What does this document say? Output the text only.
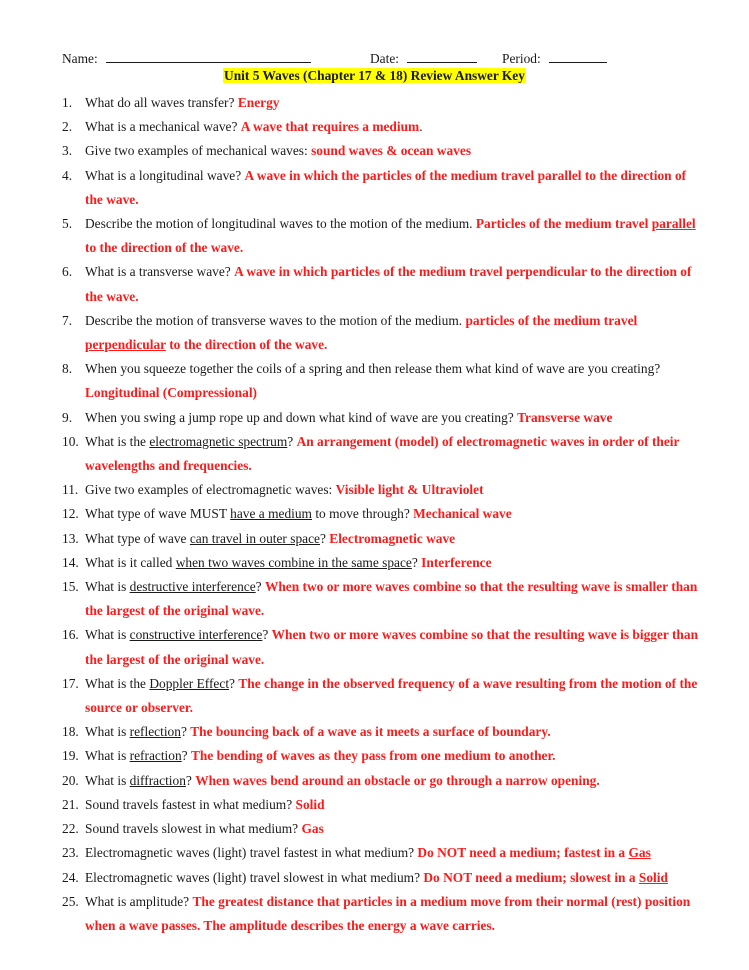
Name:	Date:	Period:
Unit 5 Waves (Chapter 17 & 18) Review Answer Key
1. What do all waves transfer? Energy
2. What is a mechanical wave? A wave that requires a medium.
3. Give two examples of mechanical waves: sound waves & ocean waves
4. What is a longitudinal wave? A wave in which the particles of the medium travel parallel to the direction of the wave.
5. Describe the motion of longitudinal waves to the motion of the medium. Particles of the medium travel parallel to the direction of the wave.
6. What is a transverse wave? A wave in which particles of the medium travel perpendicular to the direction of the wave.
7. Describe the motion of transverse waves to the motion of the medium. particles of the medium travel perpendicular to the direction of the wave.
8. When you squeeze together the coils of a spring and then release them what kind of wave are you creating? Longitudinal (Compressional)
9. When you swing a jump rope up and down what kind of wave are you creating? Transverse wave
10. What is the electromagnetic spectrum? An arrangement (model) of electromagnetic waves in order of their wavelengths and frequencies.
11. Give two examples of electromagnetic waves: Visible light & Ultraviolet
12. What type of wave MUST have a medium to move through? Mechanical wave
13. What type of wave can travel in outer space? Electromagnetic wave
14. What is it called when two waves combine in the same space? Interference
15. What is destructive interference? When two or more waves combine so that the resulting wave is smaller than the largest of the original wave.
16. What is constructive interference? When two or more waves combine so that the resulting wave is bigger than the largest of the original wave.
17. What is the Doppler Effect? The change in the observed frequency of a wave resulting from the motion of the source or observer.
18. What is reflection? The bouncing back of a wave as it meets a surface of boundary.
19. What is refraction? The bending of waves as they pass from one medium to another.
20. What is diffraction? When waves bend around an obstacle or go through a narrow opening.
21. Sound travels fastest in what medium? Solid
22. Sound travels slowest in what medium? Gas
23. Electromagnetic waves (light) travel fastest in what medium? Do NOT need a medium; fastest in a Gas
24. Electromagnetic waves (light) travel slowest in what medium? Do NOT need a medium; slowest in a Solid
25. What is amplitude? The greatest distance that particles in a medium move from their normal (rest) position when a wave passes. The amplitude describes the energy a wave carries.
